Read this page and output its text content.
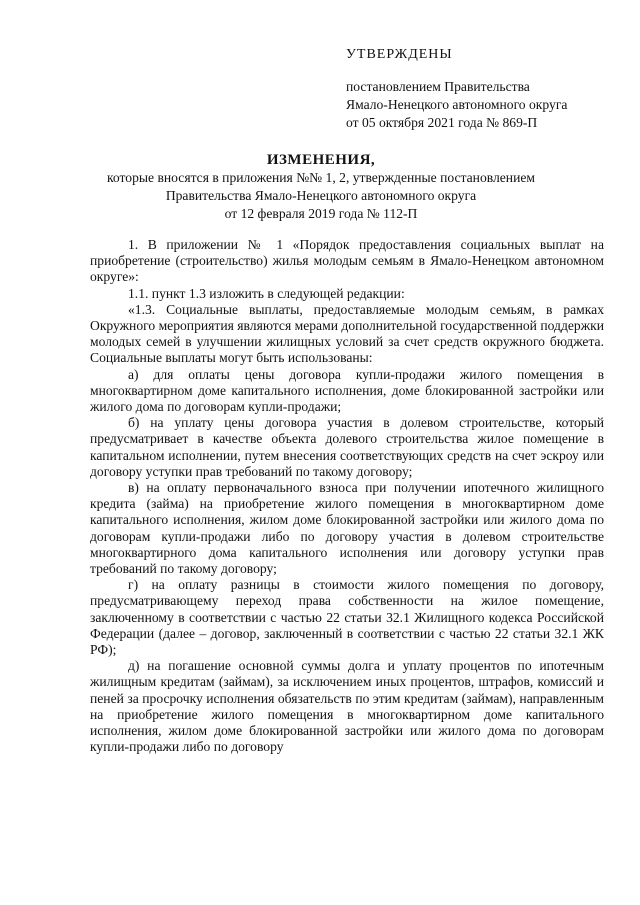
УТВЕРЖДЕНЫ
постановлением Правительства
Ямало-Ненецкого автономного округа
от 05 октября 2021 года № 869-П
ИЗМЕНЕНИЯ,
которые вносятся в приложения №№ 1, 2, утвержденные постановлением
Правительства Ямало-Ненецкого автономного округа
от 12 февраля 2019 года № 112-П

1. В приложении № 1 «Порядок предоставления социальных выплат на приобретение (строительство) жилья молодым семьям в Ямало-Ненецком автономном округе»:

1.1. пункт 1.3 изложить в следующей редакции:

«1.3. Социальные выплаты, предоставляемые молодым семьям, в рамках Окружного мероприятия являются мерами дополнительной государственной поддержки молодых семей в улучшении жилищных условий за счет средств окружного бюджета. Социальные выплаты могут быть использованы:

а) для оплаты цены договора купли-продажи жилого помещения в многоквартирном доме капитального исполнения, доме блокированной застройки или жилого дома по договорам купли-продажи;

б) на уплату цены договора участия в долевом строительстве, который предусматривает в качестве объекта долевого строительства жилое помещение в капитальном исполнении, путем внесения соответствующих средств на счет эскроу или договору уступки прав требований по такому договору;

в) на оплату первоначального взноса при получении ипотечного жилищного кредита (займа) на приобретение жилого помещения в многоквартирном доме капитального исполнения, жилом доме блокированной застройки или жилого дома по договорам купли-продажи либо по договору участия в долевом строительстве многоквартирного дома капитального исполнения или договору уступки прав требований по такому договору;

г) на оплату разницы в стоимости жилого помещения по договору, предусматривающему переход права собственности на жилое помещение, заключенному в соответствии с частью 22 статьи 32.1 Жилищного кодекса Российской Федерации (далее – договор, заключенный в соответствии с частью 22 статьи 32.1 ЖК РФ);

д) на погашение основной суммы долга и уплату процентов по ипотечным жилищным кредитам (займам), за исключением иных процентов, штрафов, комиссий и пеней за просрочку исполнения обязательств по этим кредитам (займам), направленным на приобретение жилого помещения в многоквартирном доме капитального исполнения, жилом доме блокированной застройки или жилого дома по договорам купли-продажи либо по договору
